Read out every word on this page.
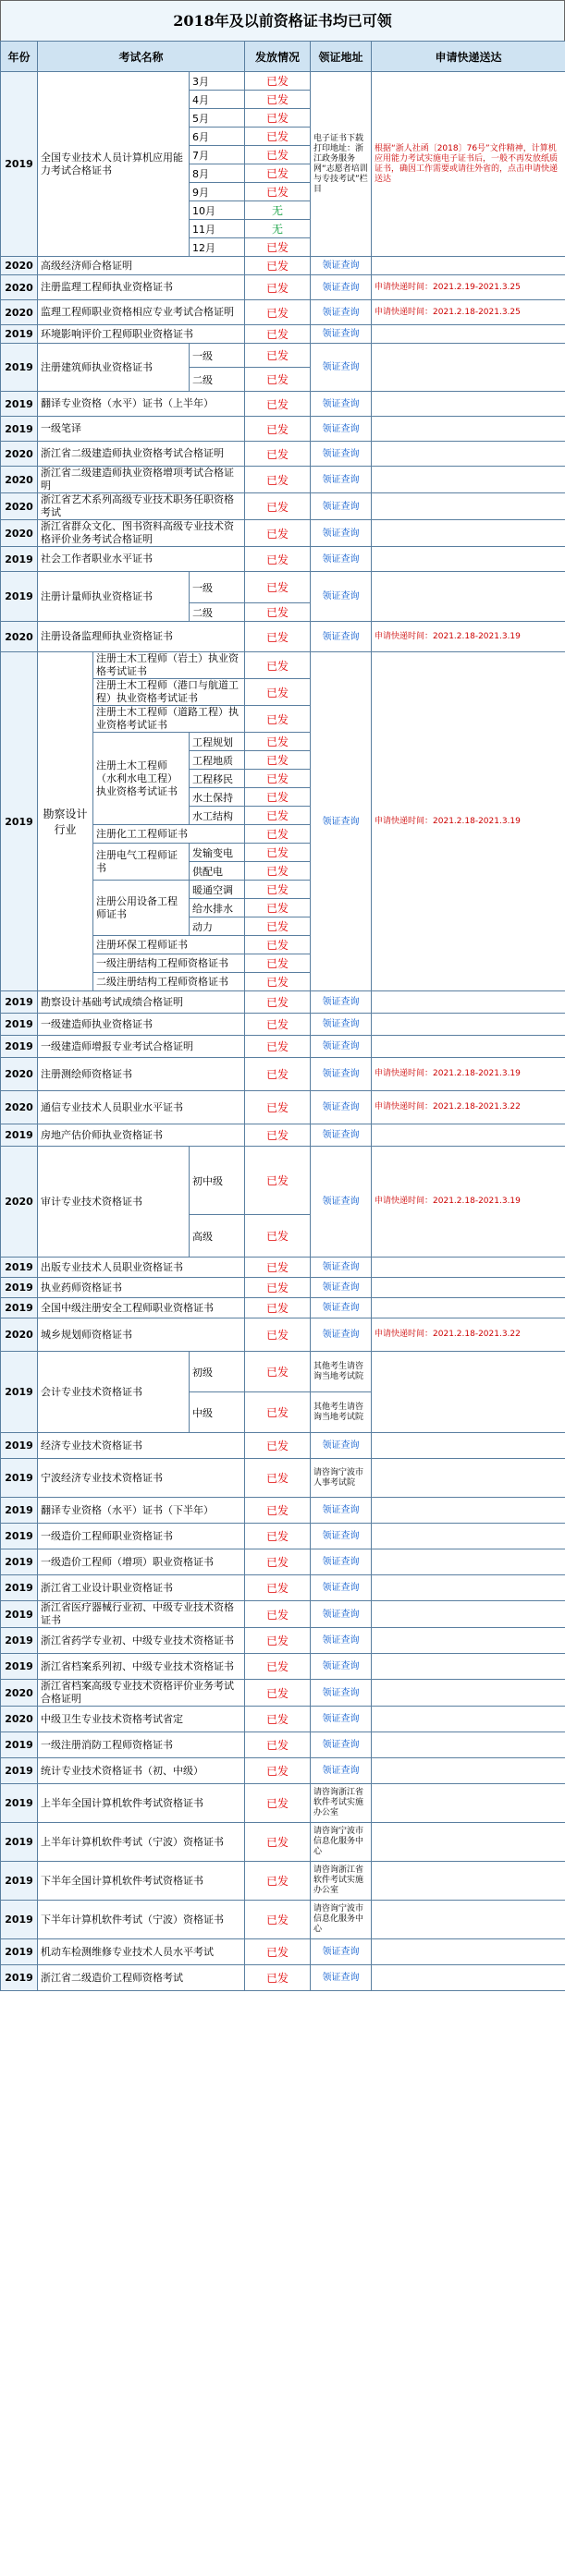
2018年及以前资格证书均已可领
年份	考试名称			发放情况	领证地址	申请快递送达
2019	全国专业技术人员计算机应用能力考试合格证书		3月	已发	电子证书下载打印地址：浙江政务服务网“志愿者培训与专技考试”栏目	根据“浙人社函〔2018〕76号”文件精神，计算机应用能力考试实施电子证书后，一般不再发放纸质证书，确因工作需要或请往外省的，点击申请快递送达
			4月	已发		
			5月	已发		
			6月	已发		
			7月	已发		
			8月	已发		
			9月	已发		
			10月	无		
			11月	无		
			12月	已发		
2020	高级经济师合格证明			已发	领证查询	
2020	注册监理工程师执业资格证书			已发	领证查询	申请快递时间：2021.2.19-2021.3.25
2020	监理工程师职业资格相应专业考试合格证明			已发	领证查询	申请快递时间：2021.2.18-2021.3.25
2019	环境影响评价工程师职业资格证书			已发	领证查询	
2019	注册建筑师执业资格证书		一级	已发	领证查询	
			二级	已发		
2019	翻译专业资格（水平）证书（上半年）			已发	领证查询	
2019	一级笔译			已发	领证查询	
2020	浙江省二级建造师执业资格考试合格证明			已发	领证查询	
2020	浙江省二级建造师执业资格增项考试合格证明			已发	领证查询	
2020	浙江省艺术系列高级专业技术职务任职资格考试			已发	领证查询	
2020	浙江省群众文化、图书资料高级专业技术资格评价业务考试合格证明			已发	领证查询	
2019	社会工作者职业水平证书			已发	领证查询	
2019	注册计量师执业资格证书		一级	已发	领证查询	
			二级	已发		
2020	注册设备监理师执业资格证书			已发	领证查询	申请快递时间：2021.2.18-2021.3.19
2019	勘察设计行业	注册土木工程师（岩土）执业资格考试证书		已发	领证查询	申请快递时间：2021.2.18-2021.3.19
		注册土木工程师（港口与航道工程）执业资格考试证书		已发		
		注册土木工程师（道路工程）执业资格考试证书		已发		
		注册土木工程师（水利水电工程）执业资格考试证书	工程规划	已发		
			工程地质	已发		
			工程移民	已发		
			水土保持	已发		
			水工结构	已发		
		注册化工工程师证书		已发		
		注册电气工程师证书	发输变电	已发		
			供配电	已发		
		注册公用设备工程师证书	暖通空调	已发		
			给水排水	已发		
			动力	已发		
		注册环保工程师证书		已发		
		一级注册结构工程师资格证书		已发		
		二级注册结构工程师资格证书		已发		
2019	勘察设计基础考试成绩合格证明			已发	领证查询	
2019	一级建造师执业资格证书			已发	领证查询	
2019	一级建造师增报专业考试合格证明			已发	领证查询	
2020	注册测绘师资格证书			已发	领证查询	申请快递时间：2021.2.18-2021.3.19
2020	通信专业技术人员职业水平证书			已发	领证查询	申请快递时间：2021.2.18-2021.3.22
2019	房地产估价师执业资格证书			已发	领证查询	
2020	审计专业技术资格证书		初中级	已发	领证查询	申请快递时间：2021.2.18-2021.3.19
			高级	已发		
2019	出版专业技术人员职业资格证书			已发	领证查询	
2019	执业药师资格证书			已发	领证查询	
2019	全国中级注册安全工程师职业资格证书			已发	领证查询	
2020	城乡规划师资格证书			已发	领证查询	申请快递时间：2021.2.18-2021.3.22
2019	会计专业技术资格证书		初级	已发	其他考生请咨询当地考试院	
			中级	已发	其他考生请咨询当地考试院	
2019	经济专业技术资格证书			已发	领证查询	
2019	宁波经济专业技术资格证书			已发	请咨询宁波市人事考试院	
2019	翻译专业资格（水平）证书（下半年）			已发	领证查询	
2019	一级造价工程师职业资格证书			已发	领证查询	
2019	一级造价工程师（增项）职业资格证书			已发	领证查询	
2019	浙江省工业设计职业资格证书			已发	领证查询	
2019	浙江省医疗器械行业初、中级专业技术资格证书			已发	领证查询	
2019	浙江省药学专业初、中级专业技术资格证书			已发	领证查询	
2019	浙江省档案系列初、中级专业技术资格证书			已发	领证查询	
2020	浙江省档案高级专业技术资格评价业务考试合格证明			已发	领证查询	
2020	中级卫生专业技术资格考试省定			已发	领证查询	
2019	一级注册消防工程师资格证书			已发	领证查询	
2019	统计专业技术资格证书（初、中级）			已发	领证查询	
2019	上半年全国计算机软件考试资格证书			已发	请咨询浙江省软件考试实施办公室	
2019	上半年计算机软件考试（宁波）资格证书			已发	请咨询宁波市信息化服务中心	
2019	下半年全国计算机软件考试资格证书			已发	请咨询浙江省软件考试实施办公室	
2019	下半年计算机软件考试（宁波）资格证书			已发	请咨询宁波市信息化服务中心	
2019	机动车检测维修专业技术人员水平考试			已发	领证查询	
2019	浙江省二级造价工程师资格考试			已发	领证查询	
